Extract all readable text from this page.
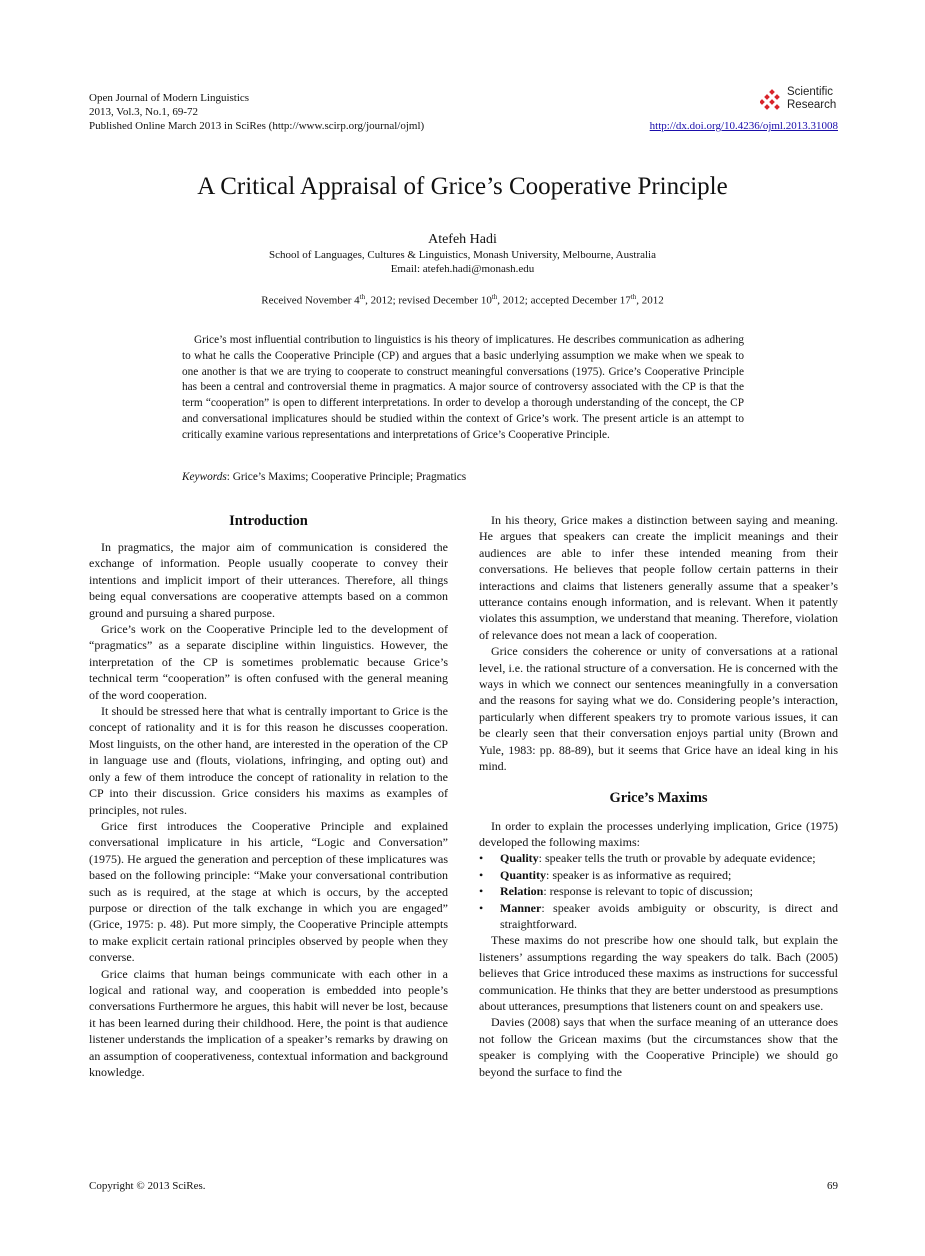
Open Journal of Modern Linguistics
2013, Vol.3, No.1, 69-72
Published Online March 2013 in SciRes (http://www.scirp.org/journal/ojml)
Scientific
Research
http://dx.doi.org/10.4236/ojml.2013.31008
A Critical Appraisal of Grice’s Cooperative Principle
Atefeh Hadi
School of Languages, Cultures & Linguistics, Monash University, Melbourne, Australia
Email: atefeh.hadi@monash.edu
Received November 4th, 2012; revised December 10th, 2012; accepted December 17th, 2012

Grice’s most influential contribution to linguistics is his theory of implicatures. He describes communication as adhering to what he calls the Cooperative Principle (CP) and argues that a basic underlying assumption we make when we speak to one another is that we are trying to cooperate to construct meaningful conversations (1975). Grice’s Cooperative Principle has been a central and controversial theme in pragmatics. A major source of controversy associated with the CP is that the term “cooperation” is open to different interpretations. In order to develop a thorough understanding of the concept, the CP and conversational implicatures should be studied within the context of Grice’s work. The present article is an attempt to critically examine various representations and interpretations of Grice’s Cooperative Principle.

Keywords: Grice’s Maxims; Cooperative Principle; Pragmatics
Introduction

In pragmatics, the major aim of communication is considered the exchange of information. People usually cooperate to convey their intentions and implicit import of their utterances. Therefore, all things being equal conversations are cooperative attempts based on a common ground and pursuing a shared purpose.

Grice’s work on the Cooperative Principle led to the development of “pragmatics” as a separate discipline within linguistics. However, the interpretation of the CP is sometimes problematic because Grice’s technical term “cooperation” is often confused with the general meaning of the word cooperation.

It should be stressed here that what is centrally important to Grice is the concept of rationality and it is for this reason he discusses cooperation. Most linguists, on the other hand, are interested in the operation of the CP in language use and (flouts, violations, infringing, and opting out) and only a few of them introduce the concept of rationality in relation to the CP into their discussion. Grice considers his maxims as examples of principles, not rules.

Grice first introduces the Cooperative Principle and explained conversational implicature in his article, “Logic and Conversation” (1975). He argued the generation and perception of these implicatures was based on the following principle: “Make your conversational contribution such as is required, at the stage at which is occurs, by the accepted purpose or direction of the talk exchange in which you are engaged” (Grice, 1975: p. 48). Put more simply, the Cooperative Principle attempts to make explicit certain rational principles observed by people when they converse.

Grice claims that human beings communicate with each other in a logical and rational way, and cooperation is embedded into people’s conversations Furthermore he argues, this habit will never be lost, because it has been learned during their childhood. Here, the point is that audience listener understands the implication of a speaker’s remarks by drawing on an assumption of cooperativeness, contextual information and background knowledge.

In his theory, Grice makes a distinction between saying and meaning. He argues that speakers can create the implicit meanings and their audiences are able to infer these intended meaning from their conversations. He believes that people follow certain patterns in their interactions and claims that listeners generally assume that a speaker’s utterance contains enough information, and is relevant. When it patently violates this assumption, we understand that meaning. Therefore, violation of relevance does not mean a lack of cooperation.

Grice considers the coherence or unity of conversations at a rational level, i.e. the rational structure of a conversation. He is concerned with the ways in which we connect our sentences meaningfully in a conversation and the reasons for saying what we do. Considering people’s interaction, particularly when different speakers try to promote various issues, it can be clearly seen that their conversation enjoys partial unity (Brown and Yule, 1983: pp. 88-89), but it seems that Grice have an ideal king in his mind.

Grice’s Maxims

In order to explain the processes underlying implication, Grice (1975) developed the following maxims:

• Quality: speaker tells the truth or provable by adequate evidence;
• Quantity: speaker is as informative as required;
• Relation: response is relevant to topic of discussion;
• Manner: speaker avoids ambiguity or obscurity, is direct and straightforward.

These maxims do not prescribe how one should talk, but explain the listeners’ assumptions regarding the way speakers do talk. Bach (2005) believes that Grice introduced these maxims as instructions for successful communication. He thinks that they are better understood as presumptions about utterances, presumptions that listeners count on and speakers use.

Davies (2008) says that when the surface meaning of an utterance does not follow the Gricean maxims (but the circumstances show that the speaker is complying with the Cooperative Principle) we should go beyond the surface to find the

Copyright © 2013 SciRes.	69
